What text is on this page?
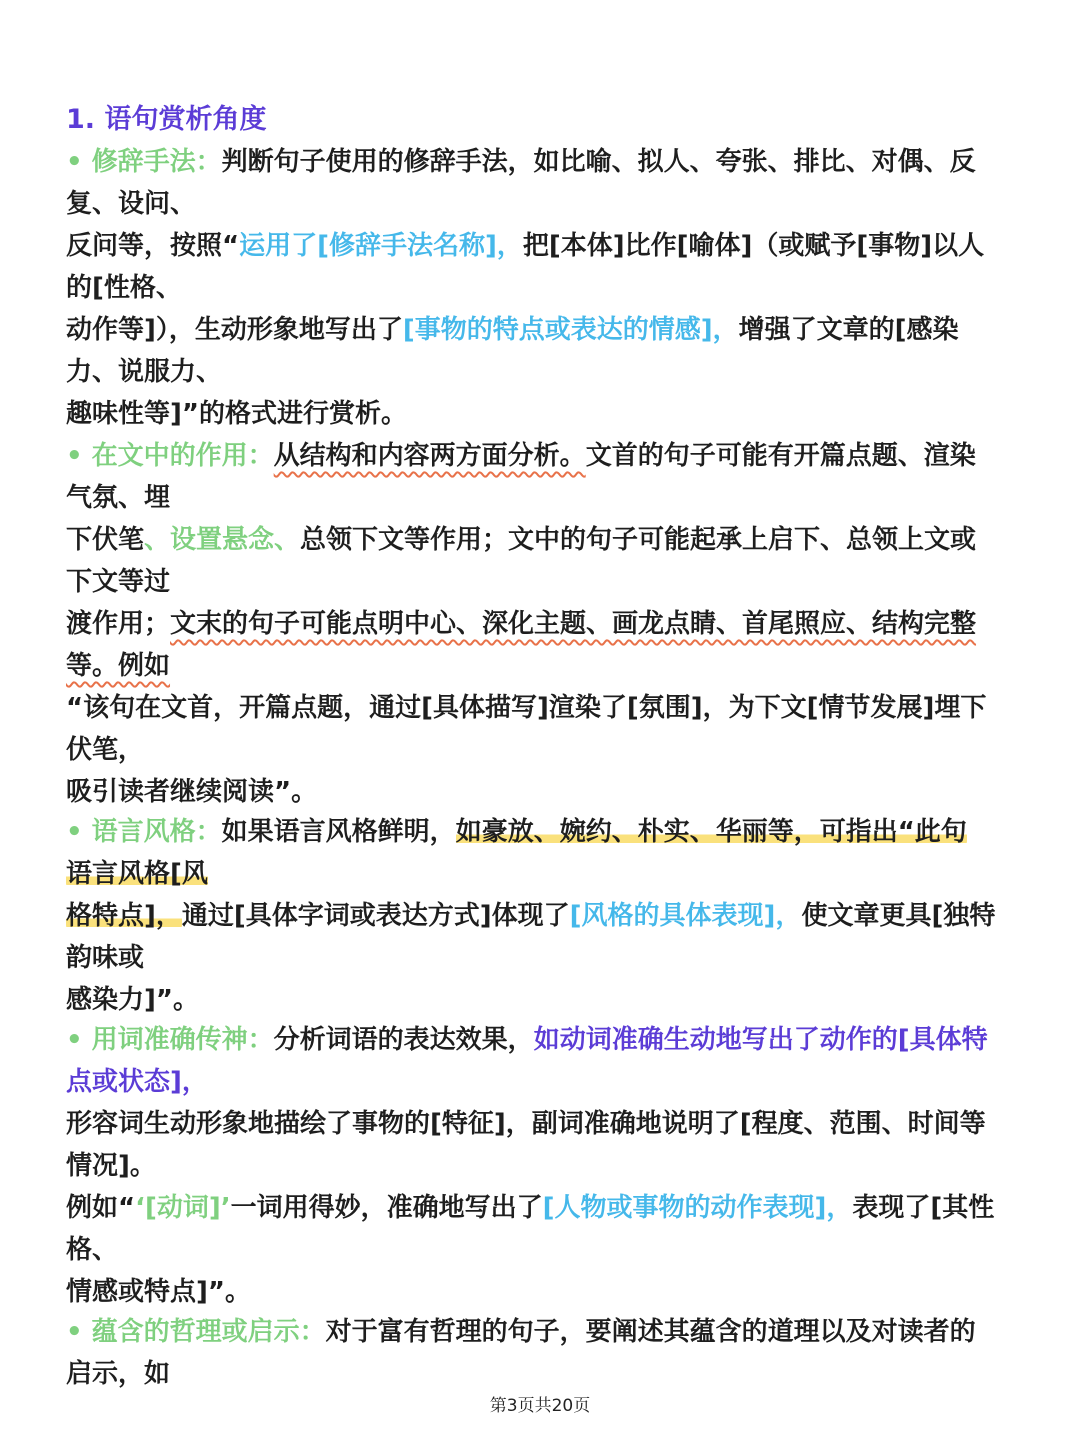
1. 语句赏析角度
• 修辞手法：判断句子使用的修辞手法，如比喻、拟人、夸张、排比、对偶、反
复、设问、
反问等，按照“运用了[修辞手法名称]，把[本体]比作[喻体]（或赋予[事物]以人
的[性格、
动作等]），生动形象地写出了[事物的特点或表达的情感]，增强了文章的[感染
力、说服力、
趣味性等]”的格式进行赏析。
• 在文中的作用：从结构和内容两方面分析。文首的句子可能有开篇点题、渲染
气氛、埋
下伏笔、设置悬念、总领下文等作用；文中的句子可能起承上启下、总领上文或
下文等过
渡作用；文末的句子可能点明中心、深化主题、画龙点睛、首尾照应、结构完整
等。例如
“该句在文首，开篇点题，通过[具体描写]渲染了[氛围]，为下文[情节发展]埋下
伏笔，
吸引读者继续阅读”。
• 语言风格：如果语言风格鲜明，如豪放、婉约、朴实、华丽等，可指出“此句
语言风格[风
格特点]，通过[具体字词或表达方式]体现了[风格的具体表现]，使文章更具[独特
韵味或
感染力]”。
• 用词准确传神：分析词语的表达效果，如动词准确生动地写出了动作的[具体特
点或状态]，
形容词生动形象地描绘了事物的[特征]，副词准确地说明了[程度、范围、时间等
情况]。
例如“‘[动词]’一词用得妙，准确地写出了[人物或事物的动作表现]，表现了[其性
格、
情感或特点]”。
• 蕴含的哲理或启示：对于富有哲理的句子，要阐述其蕴含的道理以及对读者的
启示，如
第3页共20页
